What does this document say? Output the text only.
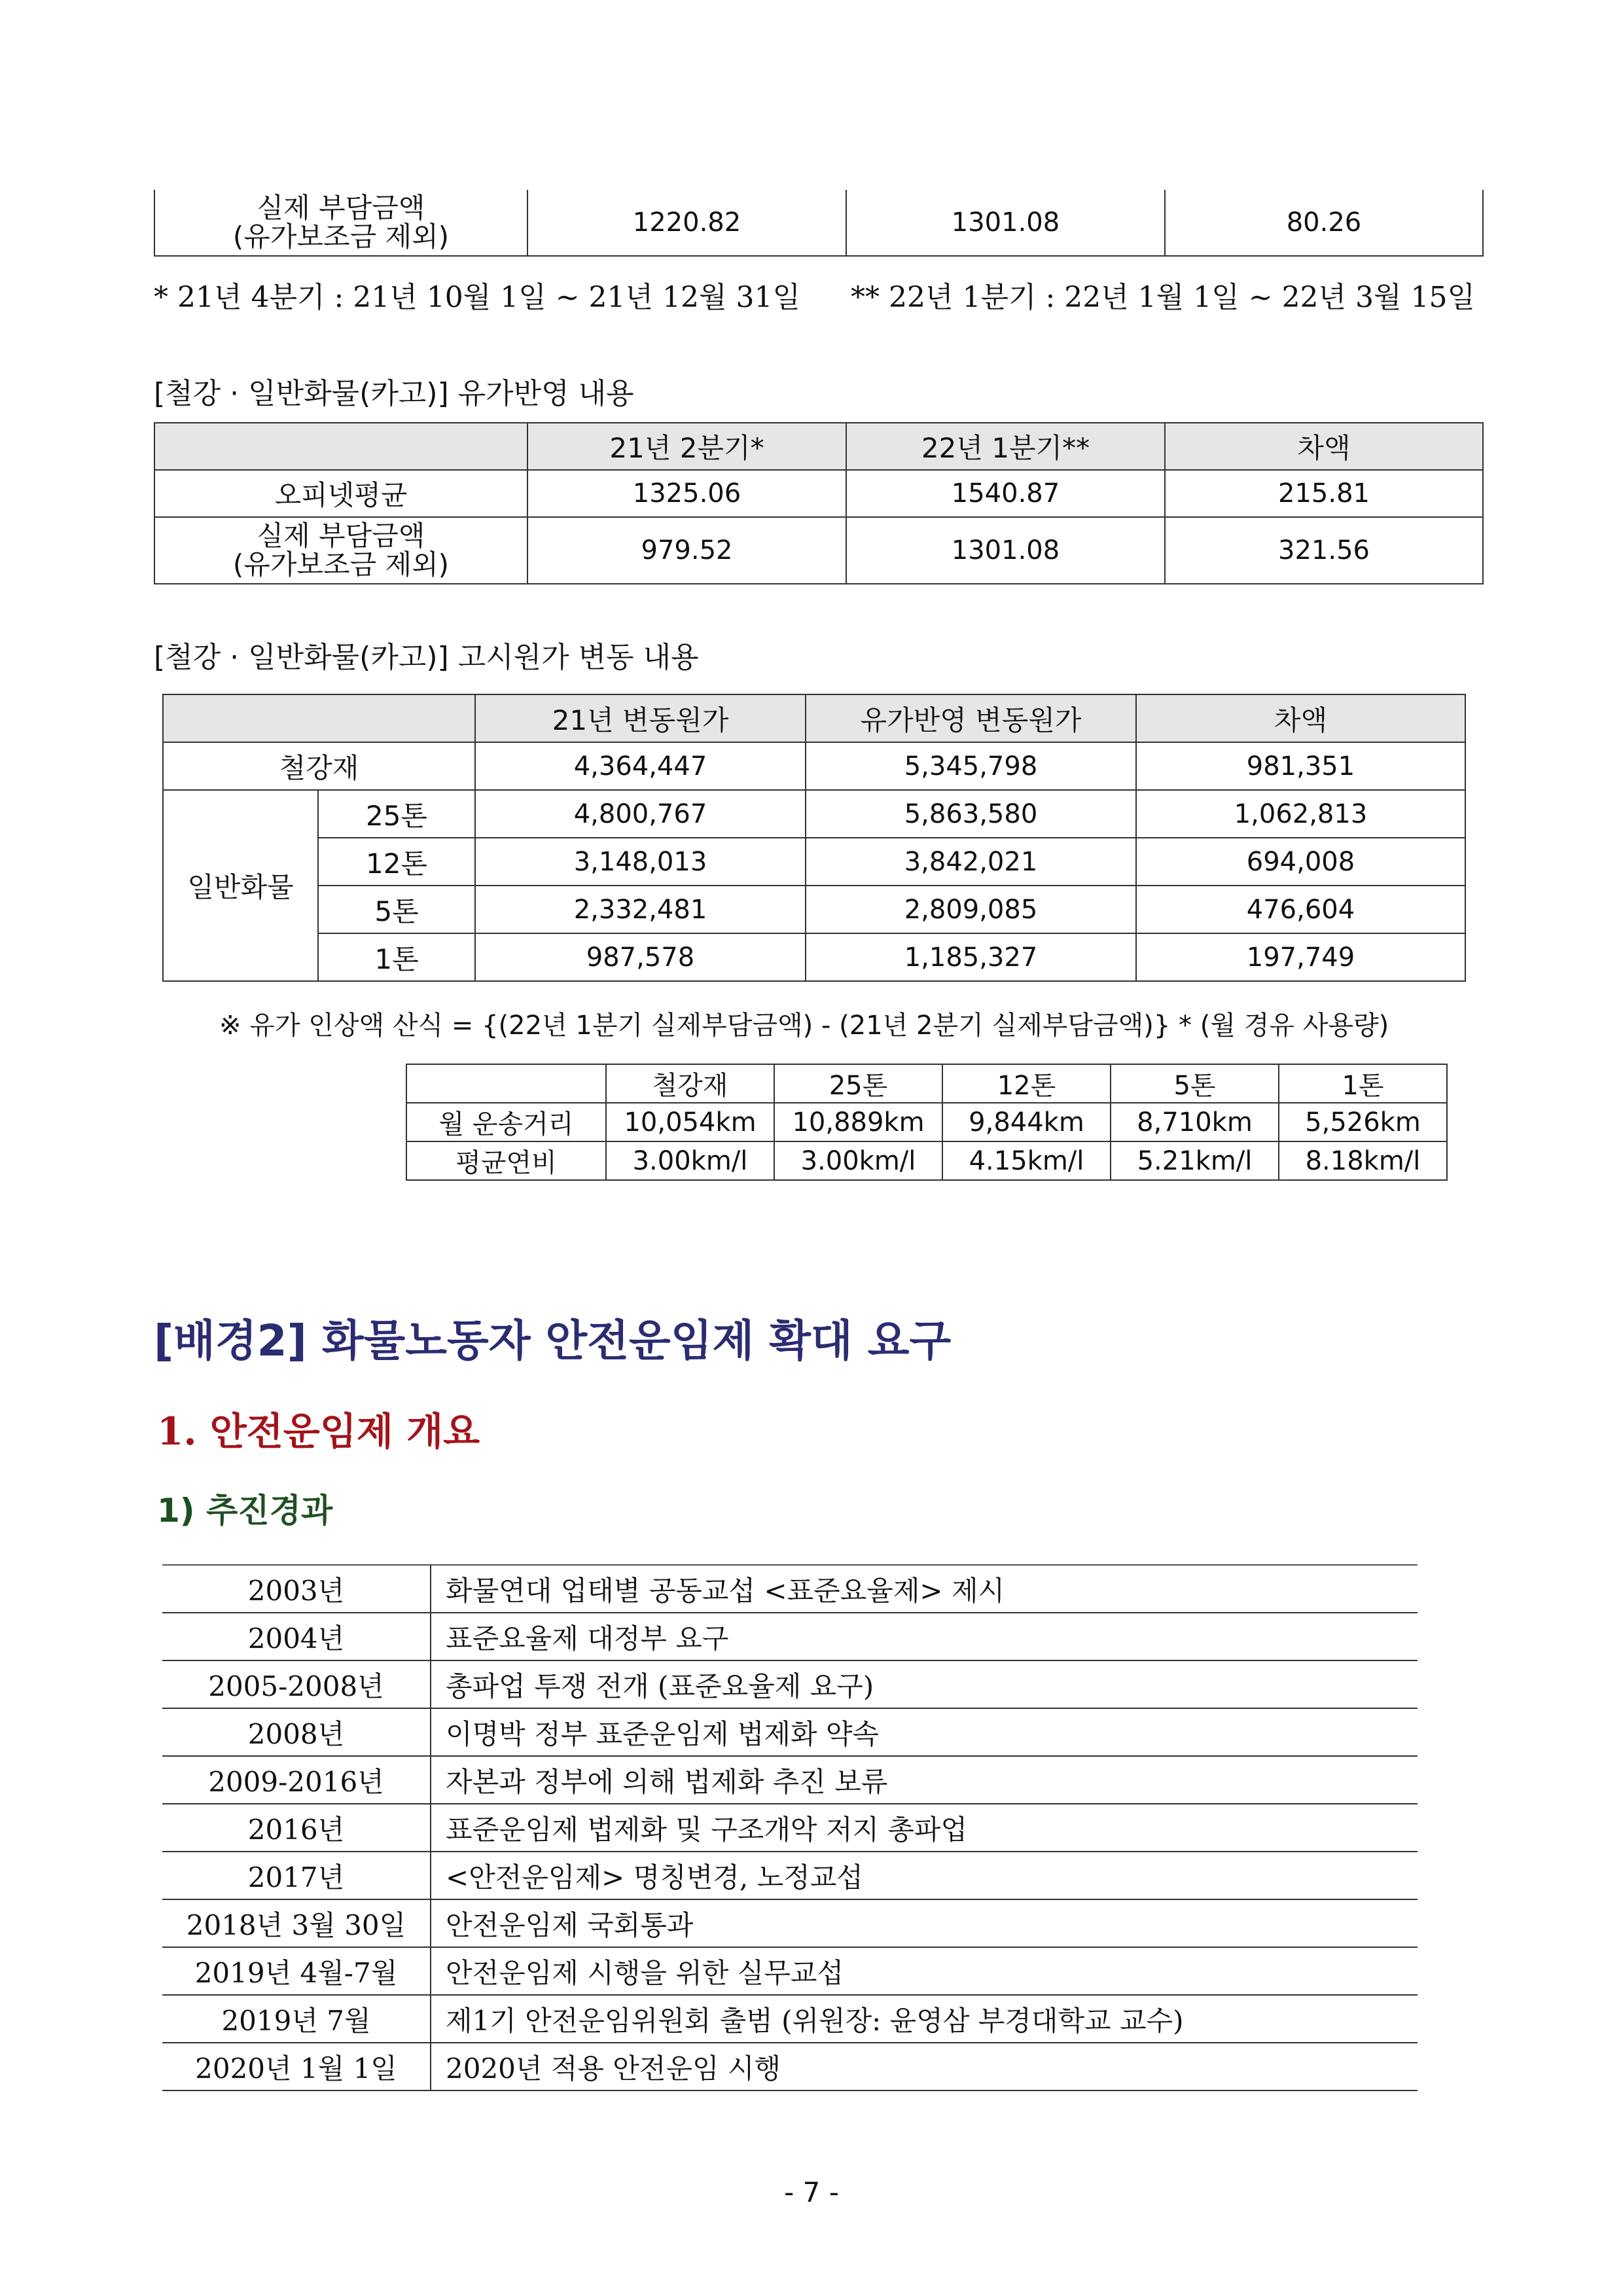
실제 부담금액
(유가보조금 제외)	1220.82	1301.08	80.26
* 21년 4분기 : 21년 10월 1일 ~ 21년 12월 31일 ** 22년 1분기 : 22년 1월 1일 ~ 22년 3월 15일
[철강 · 일반화물(카고)] 유가반영 내용
	21년 2분기*	22년 1분기**	차액
오피넷평균	1325.06	1540.87	215.81

실제 부담금액
(유가보조금 제외)	979.52	1301.08	321.56
[철강 · 일반화물(카고)] 고시원가 변동 내용
		21년 변동원가	유가반영 변동원가	차액
철강재		4,364,447	5,345,798	981,351
일반화물	25톤	4,800,767	5,863,580	1,062,813
	12톤	3,148,013	3,842,021	694,008
	5톤	2,332,481	2,809,085	476,604
	1톤	987,578	1,185,327	197,749
※ 유가 인상액 산식 = {(22년 1분기 실제부담금액) - (21년 2분기 실제부담금액)} * (월 경유 사용량)
	철강재	25톤	12톤	5톤	1톤
월 운송거리	10,054km	10,889km	9,844km	8,710km	5,526km
평균연비	3.00km/l	3.00km/l	4.15km/l	5.21km/l	8.18km/l
[배경2] 화물노동자 안전운임제 확대 요구
1. 안전운임제 개요
1) 추진경과
2003년	화물연대 업태별 공동교섭 <표준요율제> 제시
2004년	표준요율제 대정부 요구
2005-2008년	총파업 투쟁 전개 (표준요율제 요구)
2008년	이명박 정부 표준운임제 법제화 약속
2009-2016년	자본과 정부에 의해 법제화 추진 보류
2016년	표준운임제 법제화 및 구조개악 저지 총파업
2017년	<안전운임제> 명칭변경, 노정교섭
2018년 3월 30일	안전운임제 국회통과
2019년 4월-7월	안전운임제 시행을 위한 실무교섭
2019년 7월	제1기 안전운임위원회 출범 (위원장: 윤영삼 부경대학교 교수)
2020년 1월 1일	2020년 적용 안전운임 시행
- 7 -
